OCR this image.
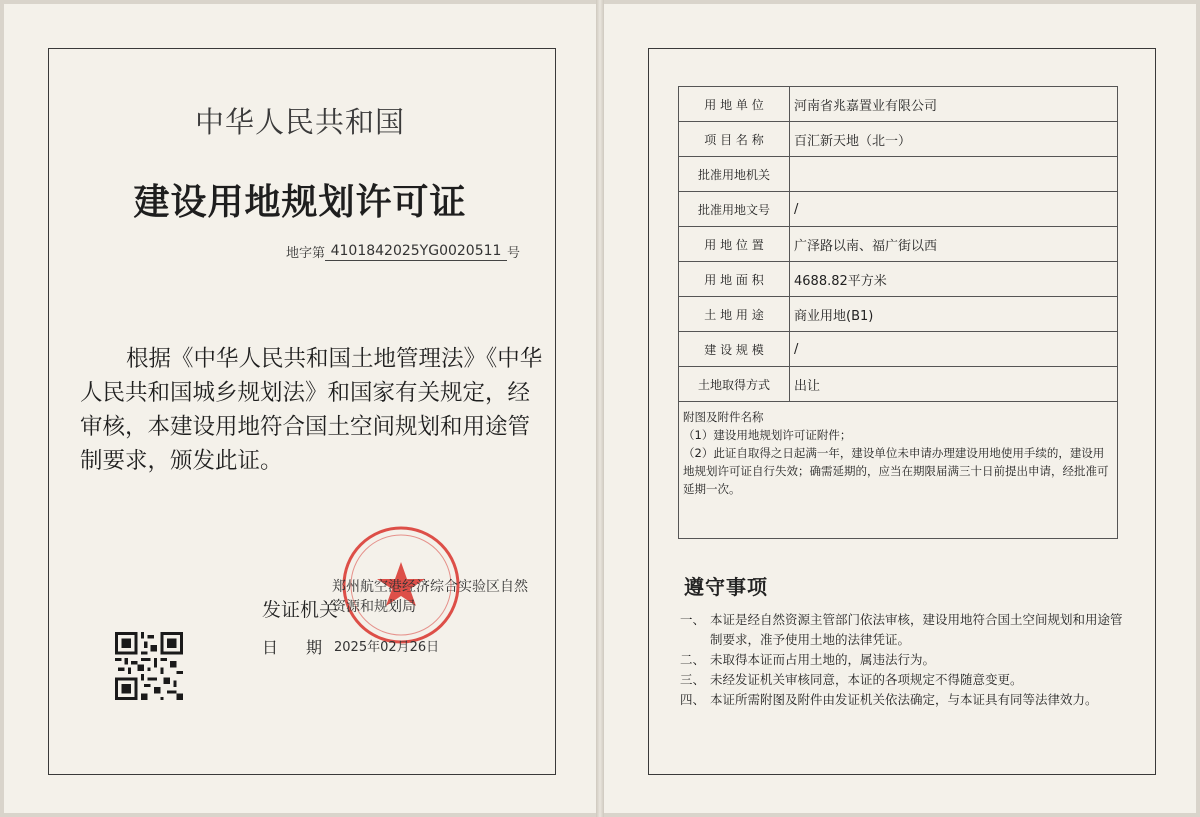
中华人民共和国
建设用地规划许可证
地字第 4101842025YG0020511 号
根据《中华人民共和国土地管理法》《中华人民共和国城乡规划法》和国家有关规定，经审核，本建设用地符合国土空间规划和用途管制要求，颁发此证。
郑州航空港经济综合实验区自然资源和规划局
发证机关
日 期 2025年02月26日
用 地 单 位	河南省兆嘉置业有限公司
项 目 名 称	百汇新天地（北一）
批准用地机关	
批准用地文号	/
用 地 位 置	广泽路以南、福广街以西
用 地 面 积	4688.82平方米
土 地 用 途	商业用地(B1)
建 设 规 模	/
土地取得方式	出让

附图及附件名称
（1）建设用地规划许可证附件；
（2）此证自取得之日起满一年，建设单位未申请办理建设用地使用手续的，建设用地规划许可证自行失效；确需延期的，应当在期限届满三十日前提出申请，经批准可延期一次。	
遵守事项
一、 本证是经自然资源主管部门依法审核，建设用地符合国土空间规划和用途管制要求，准予使用土地的法律凭证。
二、 未取得本证而占用土地的，属违法行为。
三、 未经发证机关审核同意，本证的各项规定不得随意变更。
四、 本证所需附图及附件由发证机关依法确定，与本证具有同等法律效力。
